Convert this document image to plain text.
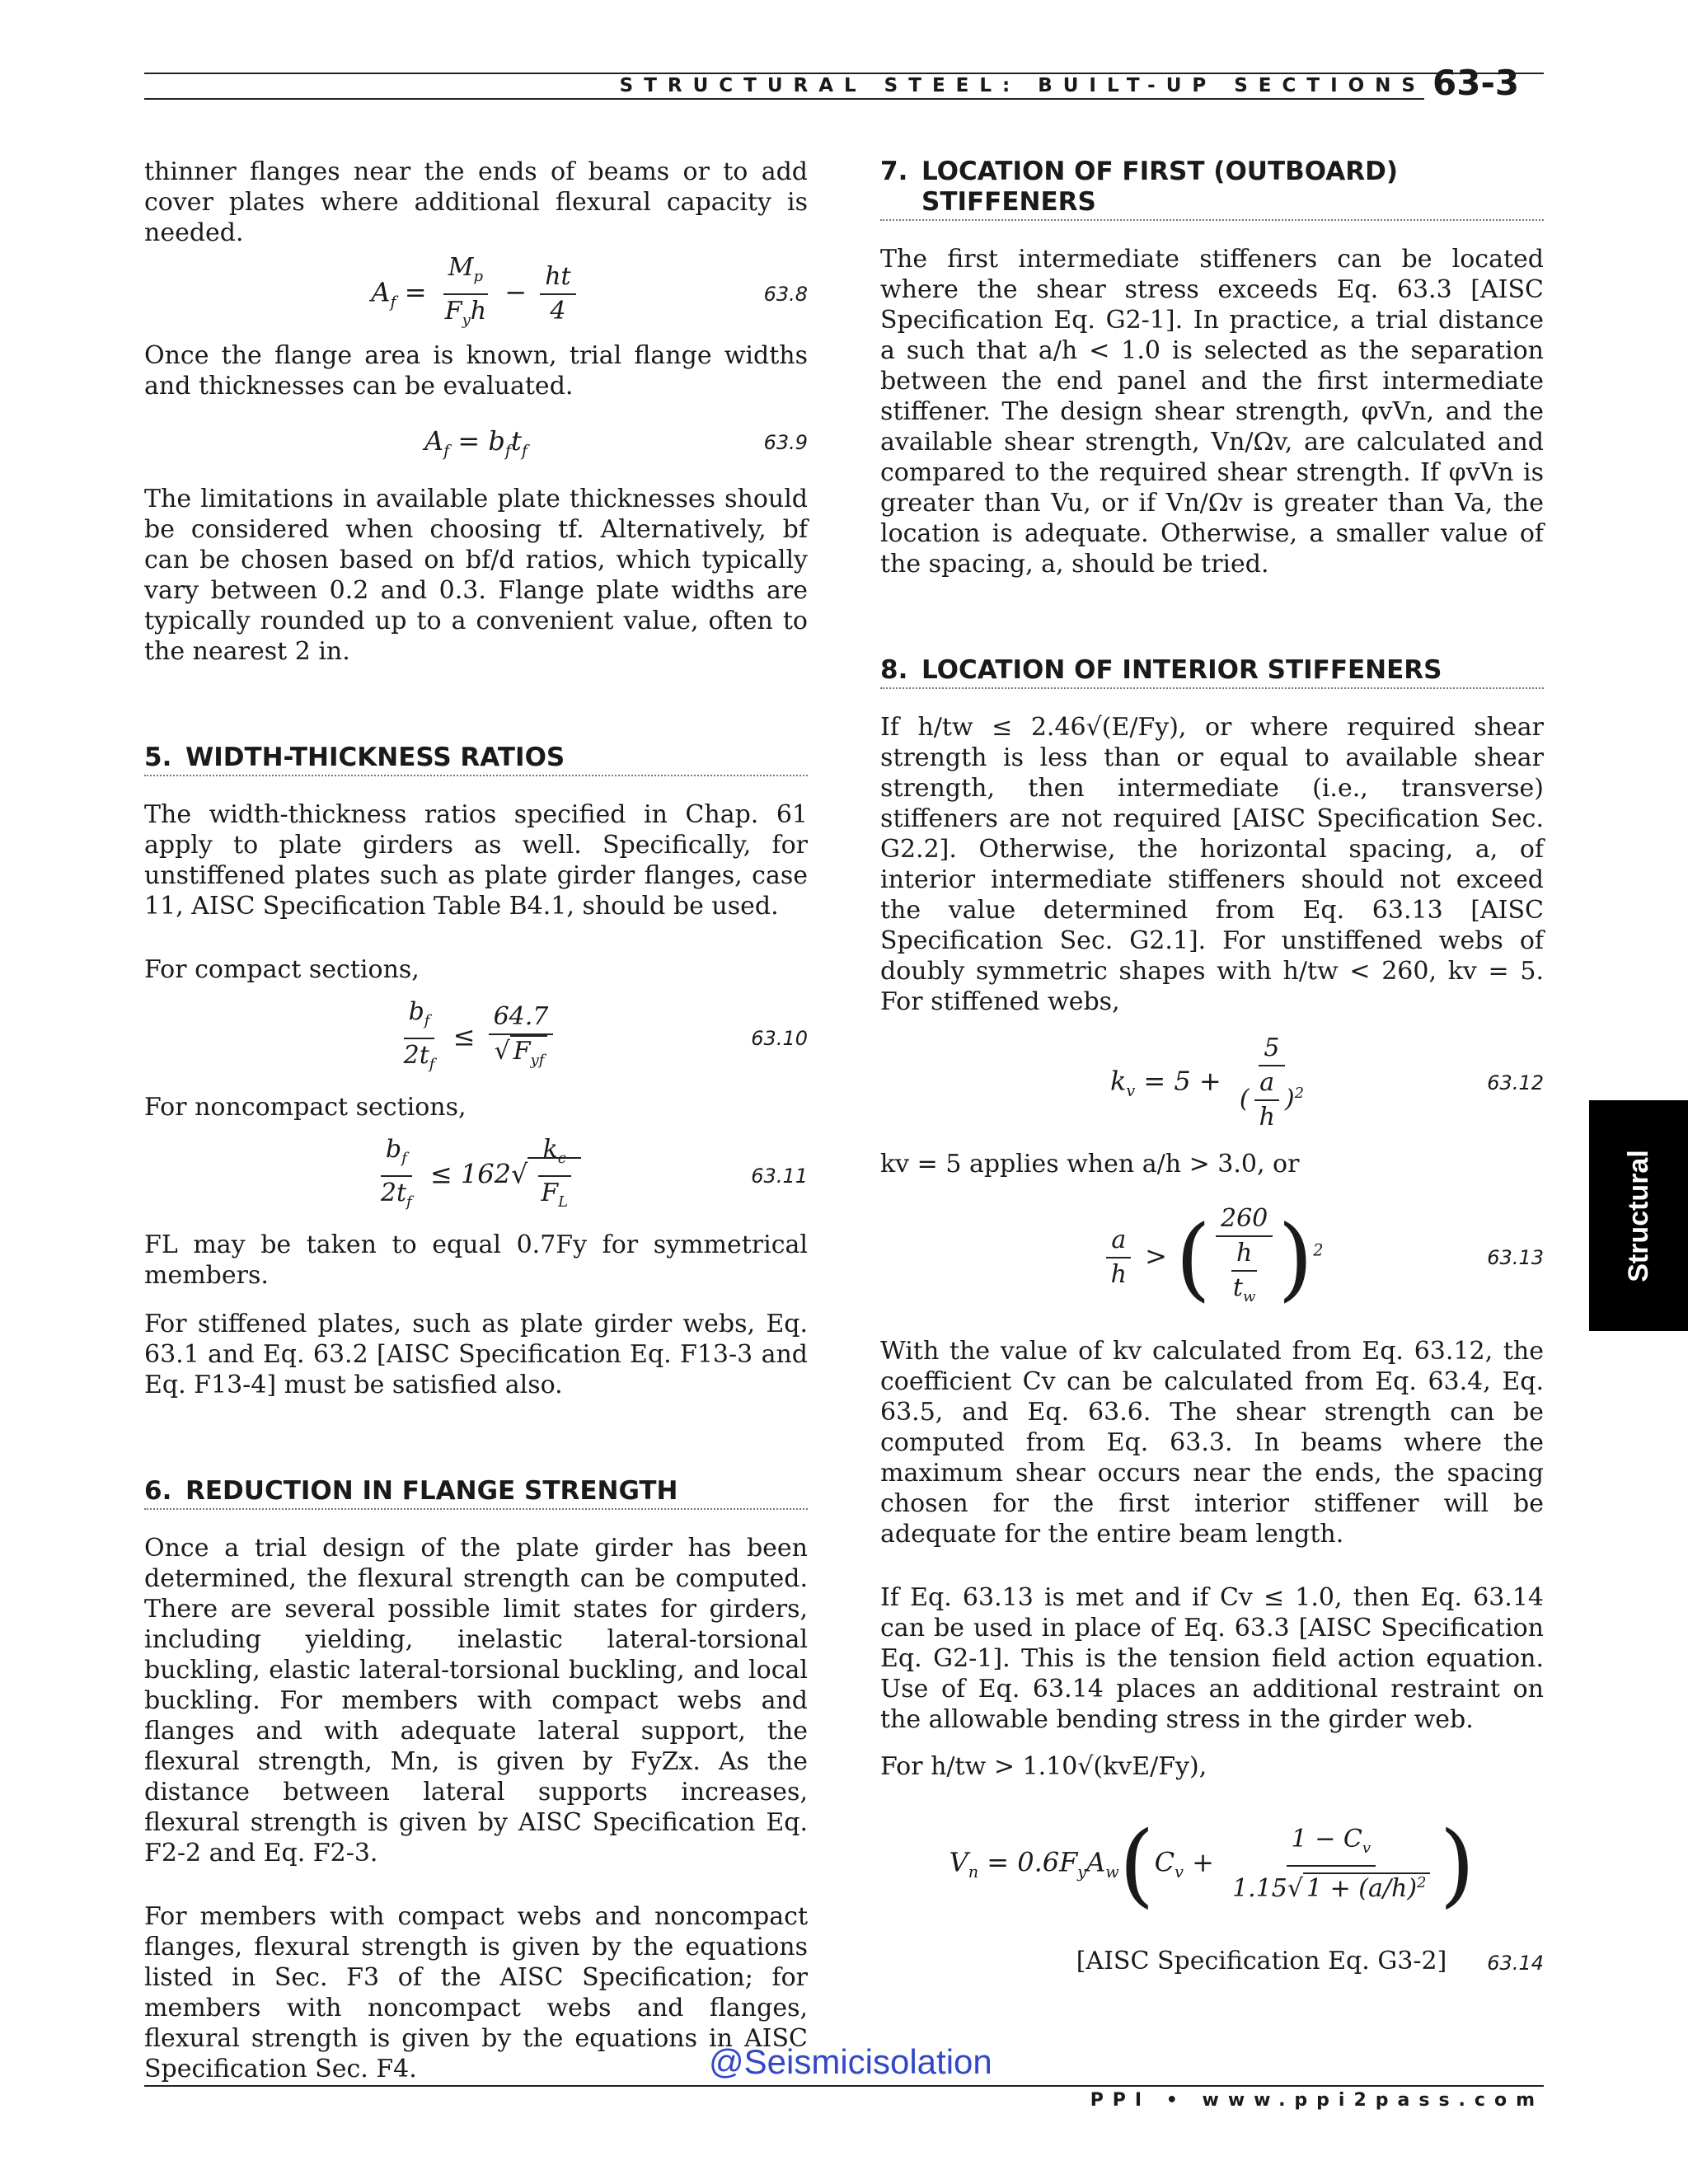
STRUCTURAL STEEL: BUILT-UP SECTIONS 63-3

thinner flanges near the ends of beams or to add cover plates where additional flexural capacity is needed.

$A_f = \frac{M_p}{F_yh} - \frac{ht}{4}$	63.8

Once the flange area is known, trial flange widths and thicknesses can be evaluated.

$A_f = b_ft_f$	63.9

The limitations in available plate thicknesses should be considered when choosing tf. Alternatively, bf can be chosen based on bf/d ratios, which typically vary between 0.2 and 0.3. Flange plate widths are typically rounded up to a convenient value, often to the nearest 2 in.

5. WIDTH-THICKNESS RATIOS

The width-thickness ratios specified in Chap. 61 apply to plate girders as well. Specifically, for unstiffened plates such as plate girder flanges, case 11, AISC Specification Table B4.1, should be used.

For compact sections,

$\frac{b_f}{2t_f} \le \frac{64.7}{√ F_{yf}}$	63.10

For noncompact sections,

$\frac{b_f}{2t_f} \le 162√ \frac{k_c}{F_L}$	63.11

FL may be taken to equal 0.7Fy for symmetrical members.

For stiffened plates, such as plate girder webs, Eq. 63.1 and Eq. 63.2 [AISC Specification Eq. F13-3 and Eq. F13-4] must be satisfied also.

6. REDUCTION IN FLANGE STRENGTH

Once a trial design of the plate girder has been determined, the flexural strength can be computed. There are several possible limit states for girders, including yielding, inelastic lateral-torsional buckling, elastic lateral-torsional buckling, and local buckling. For members with compact webs and flanges and with adequate lateral support, the flexural strength, Mn, is given by FyZx. As the distance between lateral supports increases, flexural strength is given by AISC Specification Eq. F2-2 and Eq. F2-3.

For members with compact webs and noncompact flanges, flexural strength is given by the equations listed in Sec. F3 of the AISC Specification; for members with noncompact webs and flanges, flexural strength is given by the equations in AISC Specification Sec. F4.

7. LOCATION OF FIRST (OUTBOARD)
STIFFENERS

The first intermediate stiffeners can be located where the shear stress exceeds Eq. 63.3 [AISC Specification Eq. G2-1]. In practice, a trial distance a such that a/h < 1.0 is selected as the separation between the end panel and the first intermediate stiffener. The design shear strength, φvVn, and the available shear strength, Vn/Ωv, are calculated and compared to the required shear strength. If φvVn is greater than Vu, or if Vn/Ωv is greater than Va, the location is adequate. Otherwise, a smaller value of the spacing, a, should be tried.

8. LOCATION OF INTERIOR STIFFENERS

If h/tw ≤ 2.46√(E/Fy), or where required shear strength is less than or equal to available shear strength, then intermediate (i.e., transverse) stiffeners are not required [AISC Specification Sec. G2.2]. Otherwise, the horizontal spacing, a, of interior intermediate stiffeners should not exceed the value determined from Eq. 63.13 [AISC Specification Sec. G2.1]. For unstiffened webs of doubly symmetric shapes with h/tw < 260, kv = 5. For stiffened webs,

$k_v = 5 + \frac{5}{( \frac{a}{h} )^2}$	63.12

kv = 5 applies when a/h > 3.0, or

$\frac{a}{h}$ > ( $\frac{260}{\frac{h}{t_w}} )^2$	63.13

With the value of kv calculated from Eq. 63.12, the coefficient Cv can be calculated from Eq. 63.4, Eq. 63.5, and Eq. 63.6. The shear strength can be computed from Eq. 63.3. In beams where the maximum shear occurs near the ends, the spacing chosen for the first interior stiffener will be adequate for the entire beam length.

If Eq. 63.13 is met and if Cv ≤ 1.0, then Eq. 63.14 can be used in place of Eq. 63.3 [AISC Specification Eq. G2-1]. This is the tension field action equation. Use of Eq. 63.14 places an additional restraint on the allowable bending stress in the girder web.

For h/tw > 1.10√(kvE/Fy),

$V_n = 0.6F_yA_w(C_v + \frac{1 - C_v}{1.15√ 1 + (a/h)^2}$ )
[AISC Specification Eq. G3-2] 63.14
Structural
@Seismicisolation
PPI • www.ppi2pass.com
